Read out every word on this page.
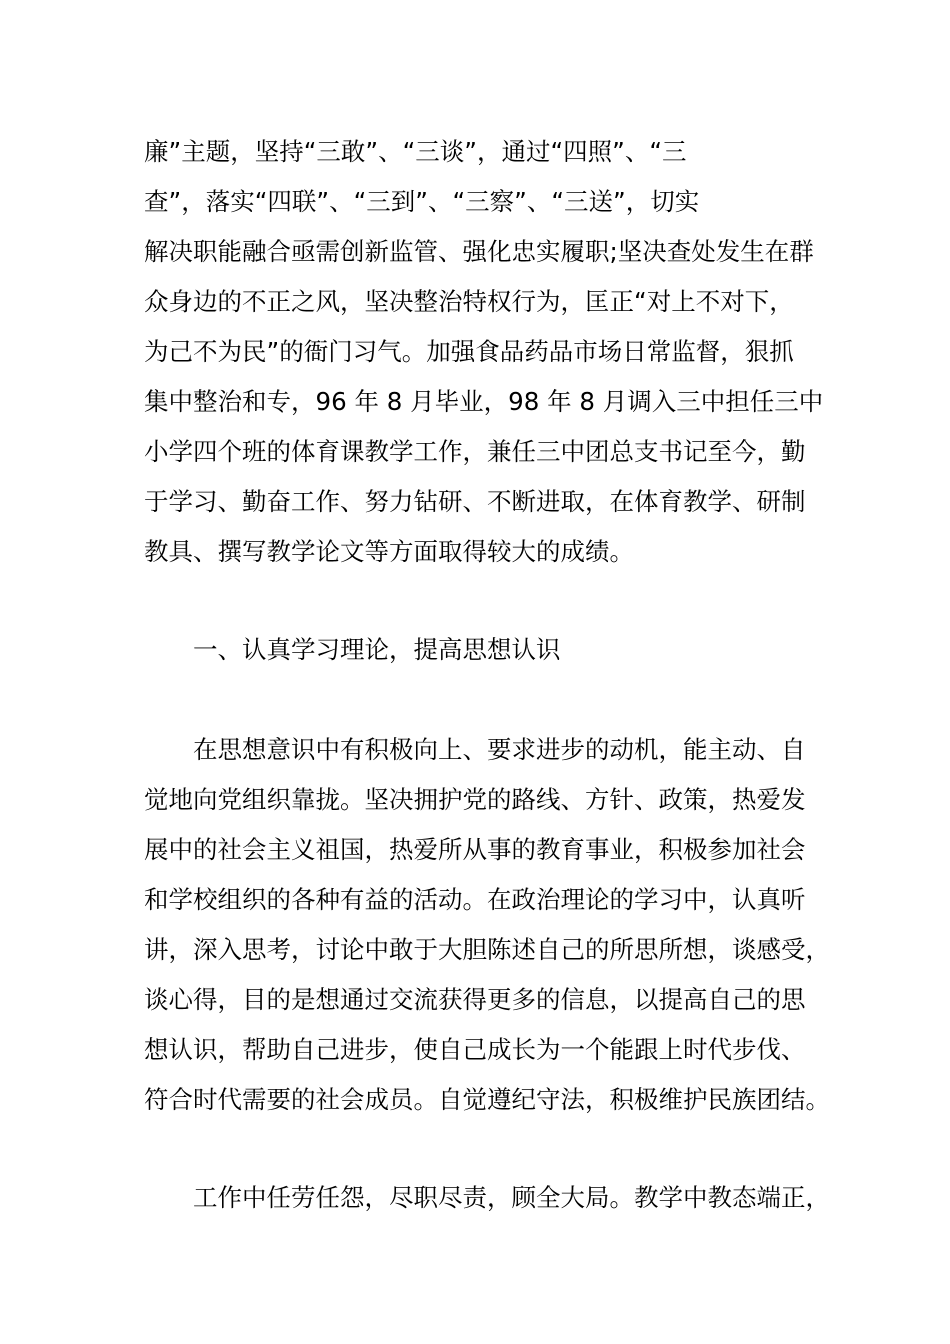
廉”主题，坚持“三敢”、“三谈”，通过“四照”、“三
查”，落实“四联”、“三到”、“三察”、“三送”，切实
解决职能融合亟需创新监管、强化忠实履职;坚决查处发生在群
众身边的不正之风，坚决整治特权行为，匡正“对上不对下，
为己不为民”的衙门习气。加强食品药品市场日常监督，狠抓
集中整治和专，96 年 8 月毕业，98 年 8 月调入三中担任三中
小学四个班的体育课教学工作，兼任三中团总支书记至今，勤
于学习、勤奋工作、努力钻研、不断进取，在体育教学、研制
教具、撰写教学论文等方面取得较大的成绩。
一、认真学习理论，提高思想认识
在思想意识中有积极向上、要求进步的动机，能主动、自
觉地向党组织靠拢。坚决拥护党的路线、方针、政策，热爱发
展中的社会主义祖国，热爱所从事的教育事业，积极参加社会
和学校组织的各种有益的活动。在政治理论的学习中，认真听
讲，深入思考，讨论中敢于大胆陈述自己的所思所想，谈感受，
谈心得，目的是想通过交流获得更多的信息，以提高自己的思
想认识，帮助自己进步，使自己成长为一个能跟上时代步伐、
符合时代需要的社会成员。自觉遵纪守法，积极维护民族团结。
工作中任劳任怨，尽职尽责，顾全大局。教学中教态端正，
